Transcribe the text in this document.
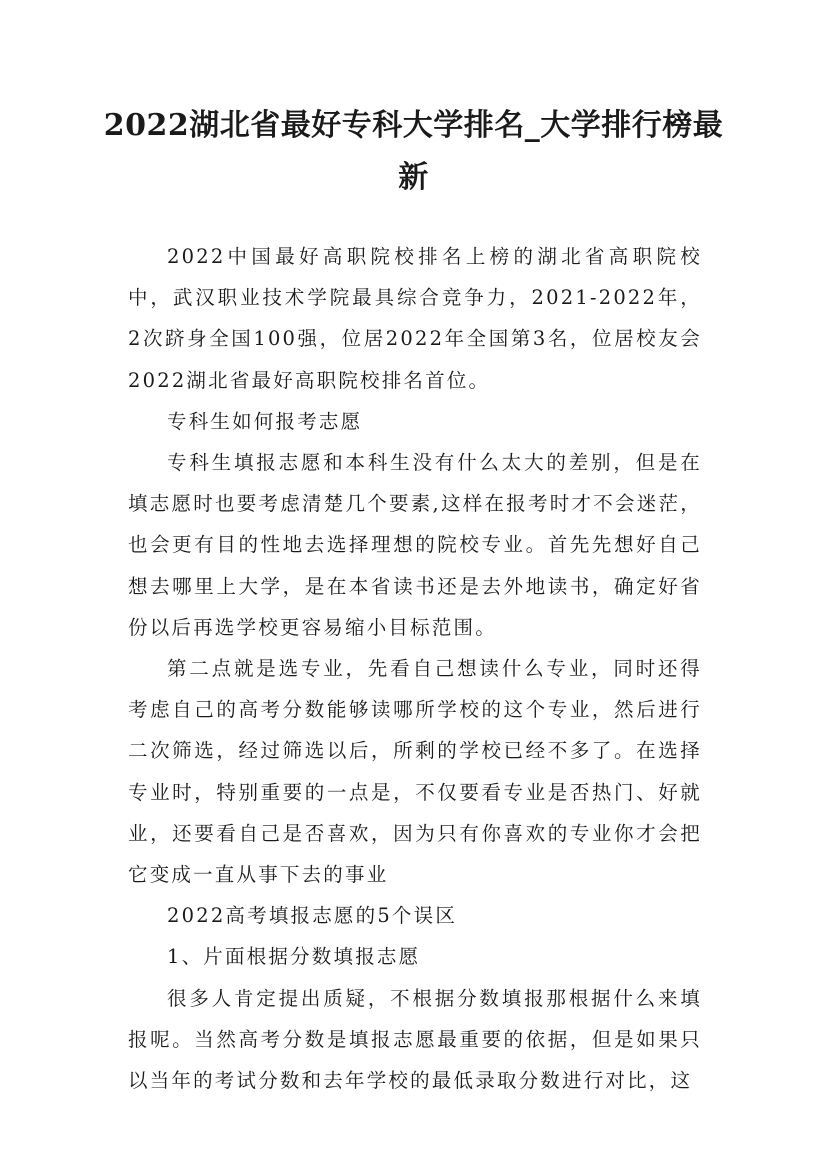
2022湖北省最好专科大学排名_大学排行榜最新

2022中国最好高职院校排名上榜的湖北省高职院校中，武汉职业技术学院最具综合竞争力，2021-2022年，2次跻身全国100强，位居2022年全国第3名，位居校友会2022湖北省最好高职院校排名首位。

专科生如何报考志愿

专科生填报志愿和本科生没有什么太大的差别，但是在填志愿时也要考虑清楚几个要素,这样在报考时才不会迷茫，也会更有目的性地去选择理想的院校专业。首先先想好自己想去哪里上大学，是在本省读书还是去外地读书，确定好省份以后再选学校更容易缩小目标范围。

第二点就是选专业，先看自己想读什么专业，同时还得考虑自己的高考分数能够读哪所学校的这个专业，然后进行二次筛选，经过筛选以后，所剩的学校已经不多了。在选择专业时，特别重要的一点是，不仅要看专业是否热门、好就业，还要看自己是否喜欢，因为只有你喜欢的专业你才会把它变成一直从事下去的事业

2022高考填报志愿的5个误区

1、片面根据分数填报志愿

很多人肯定提出质疑，不根据分数填报那根据什么来填报呢。当然高考分数是填报志愿最重要的依据，但是如果只以当年的考试分数和去年学校的最低录取分数进行对比，这
